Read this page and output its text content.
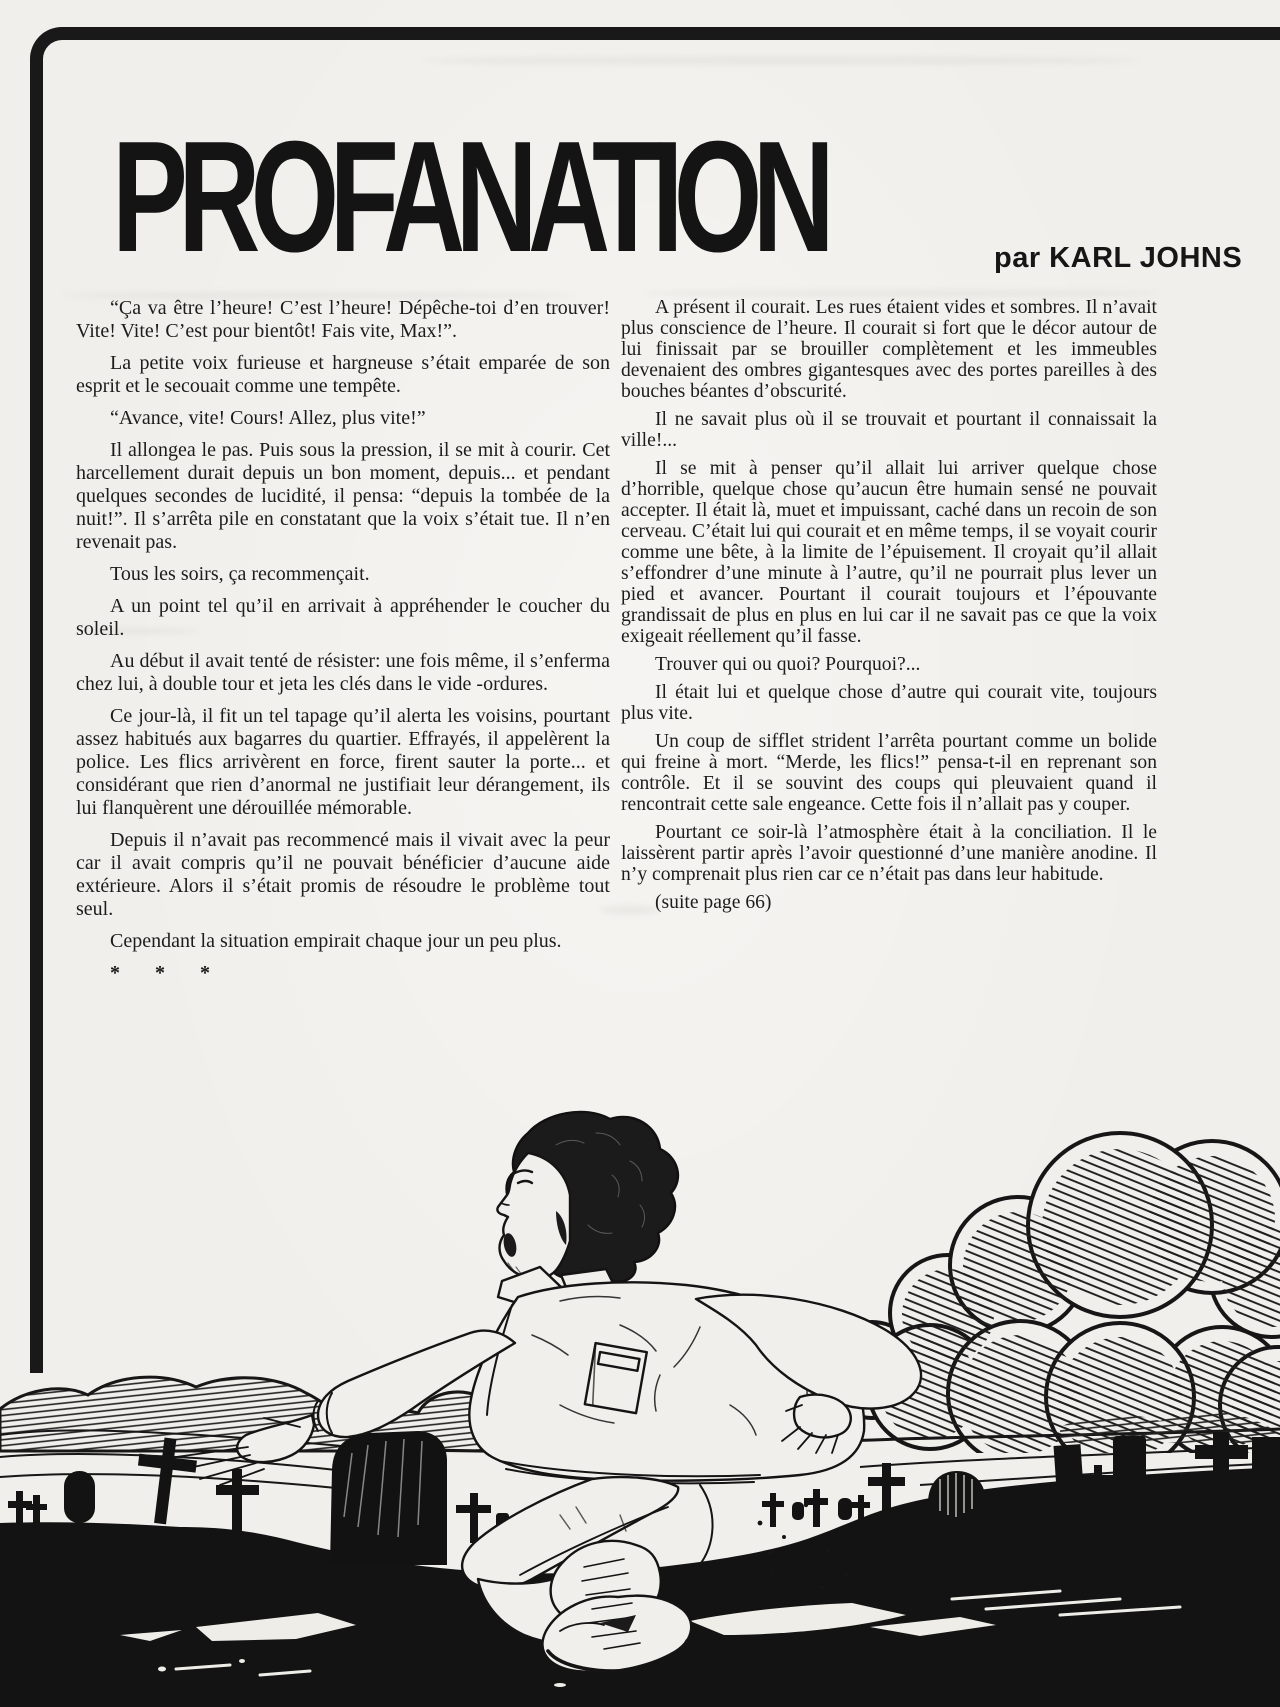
PROFANATION	par KARL JOHNS

“Ça va être l’heure! C’est l’heure! Dépêche-toi d’en trouver! Vite! Vite! C’est pour bientôt! Fais vite, Max!”.

La petite voix furieuse et hargneuse s’était emparée de son esprit et le secouait comme une tempête.

“Avance, vite! Cours! Allez, plus vite!”

Il allongea le pas. Puis sous la pression, il se mit à courir. Cet harcellement durait depuis un bon moment, depuis... et pendant quelques secondes de lucidité, il pensa: “depuis la tombée de la nuit!”. Il s’arrêta pile en constatant que la voix s’était tue. Il n’en revenait pas.

Tous les soirs, ça recommençait.

A un point tel qu’il en arrivait à appréhender le coucher du soleil.

Au début il avait tenté de résister: une fois même, il s’enferma chez lui, à double tour et jeta les clés dans le vide -ordures.

Ce jour-là, il fit un tel tapage qu’il alerta les voisins, pourtant assez habitués aux bagarres du quartier. Effrayés, il appelèrent la police. Les flics arrivèrent en force, firent sauter la porte... et considérant que rien d’anormal ne justifiait leur dérangement, ils lui flanquèrent une dérouillée mémorable.

Depuis il n’avait pas recommencé mais il vivait avec la peur car il avait compris qu’il ne pouvait bénéficier d’aucune aide extérieure. Alors il s’était promis de résoudre le problème tout seul.

Cependant la situation empirait chaque jour un peu plus.

* * *

A présent il courait. Les rues étaient vides et sombres. Il n’avait plus conscience de l’heure. Il courait si fort que le décor autour de lui finissait par se brouiller complètement et les immeubles devenaient des ombres gigantesques avec des portes pareilles à des bouches béantes d’obscurité.

Il ne savait plus où il se trouvait et pourtant il connaissait la ville!...

Il se mit à penser qu’il allait lui arriver quelque chose d’horrible, quelque chose qu’aucun être humain sensé ne pouvait accepter. Il était là, muet et impuissant, caché dans un recoin de son cerveau. C’était lui qui courait et en même temps, il se voyait courir comme une bête, à la limite de l’épuisement. Il croyait qu’il allait s’effondrer d’une minute à l’autre, qu’il ne pourrait plus lever un pied et avancer. Pourtant il courait toujours et l’épouvante grandissait de plus en plus en lui car il ne savait pas ce que la voix exigeait réellement qu’il fasse.

Trouver qui ou quoi? Pourquoi?...

Il était lui et quelque chose d’autre qui courait vite, toujours plus vite.

Un coup de sifflet strident l’arrêta pourtant comme un bolide qui freine à mort. “Merde, les flics!” pensa-t-il en reprenant son contrôle. Et il se souvint des coups qui pleuvaient quand il rencontrait cette sale engeance. Cette fois il n’allait pas y couper.

Pourtant ce soir-là l’atmosphère était à la conciliation. Il le laissèrent partir après l’avoir questionné d’une manière anodine. Il n’y comprenait plus rien car ce n’était pas dans leur habitude.

(suite page 66)
